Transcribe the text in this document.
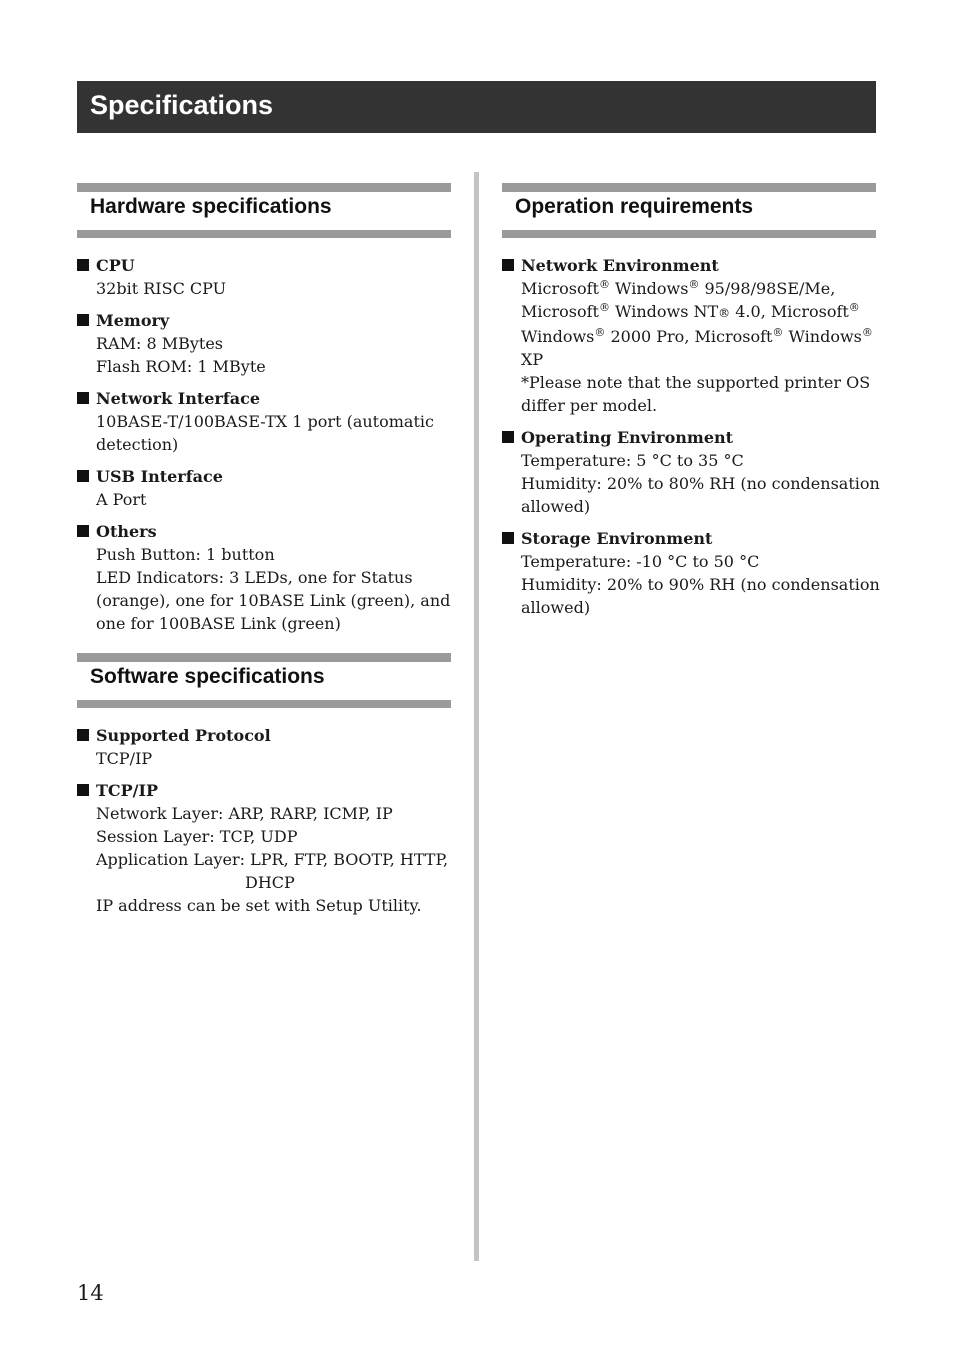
Specifications
Hardware specifications
CPU
32bit RISC CPU
Memory
RAM: 8 MBytes
Flash ROM: 1 MByte
Network Interface
10BASE-T/100BASE-TX 1 port (automatic
detection)
USB Interface
A Port
Others
Push Button: 1 button
LED Indicators: 3 LEDs, one for Status
(orange), one for 10BASE Link (green), and
one for 100BASE Link (green)
Software specifications
Supported Protocol
TCP/IP
TCP/IP
Network Layer: ARP, RARP, ICMP, IP
Session Layer: TCP, UDP
Application Layer: LPR, FTP, BOOTP, HTTP,
DHCP
IP address can be set with Setup Utility.
Operation requirements
Network Environment
Microsoft® Windows® 95/98/98SE/Me,
Microsoft® Windows NT® 4.0, Microsoft®
Windows® 2000 Pro, Microsoft® Windows®
XP
*Please note that the supported printer OS
differ per model.
Operating Environment
Temperature: 5 °C to 35 °C
Humidity: 20% to 80% RH (no condensation
allowed)
Storage Environment
Temperature: -10 °C to 50 °C
Humidity: 20% to 90% RH (no condensation
allowed)
14
